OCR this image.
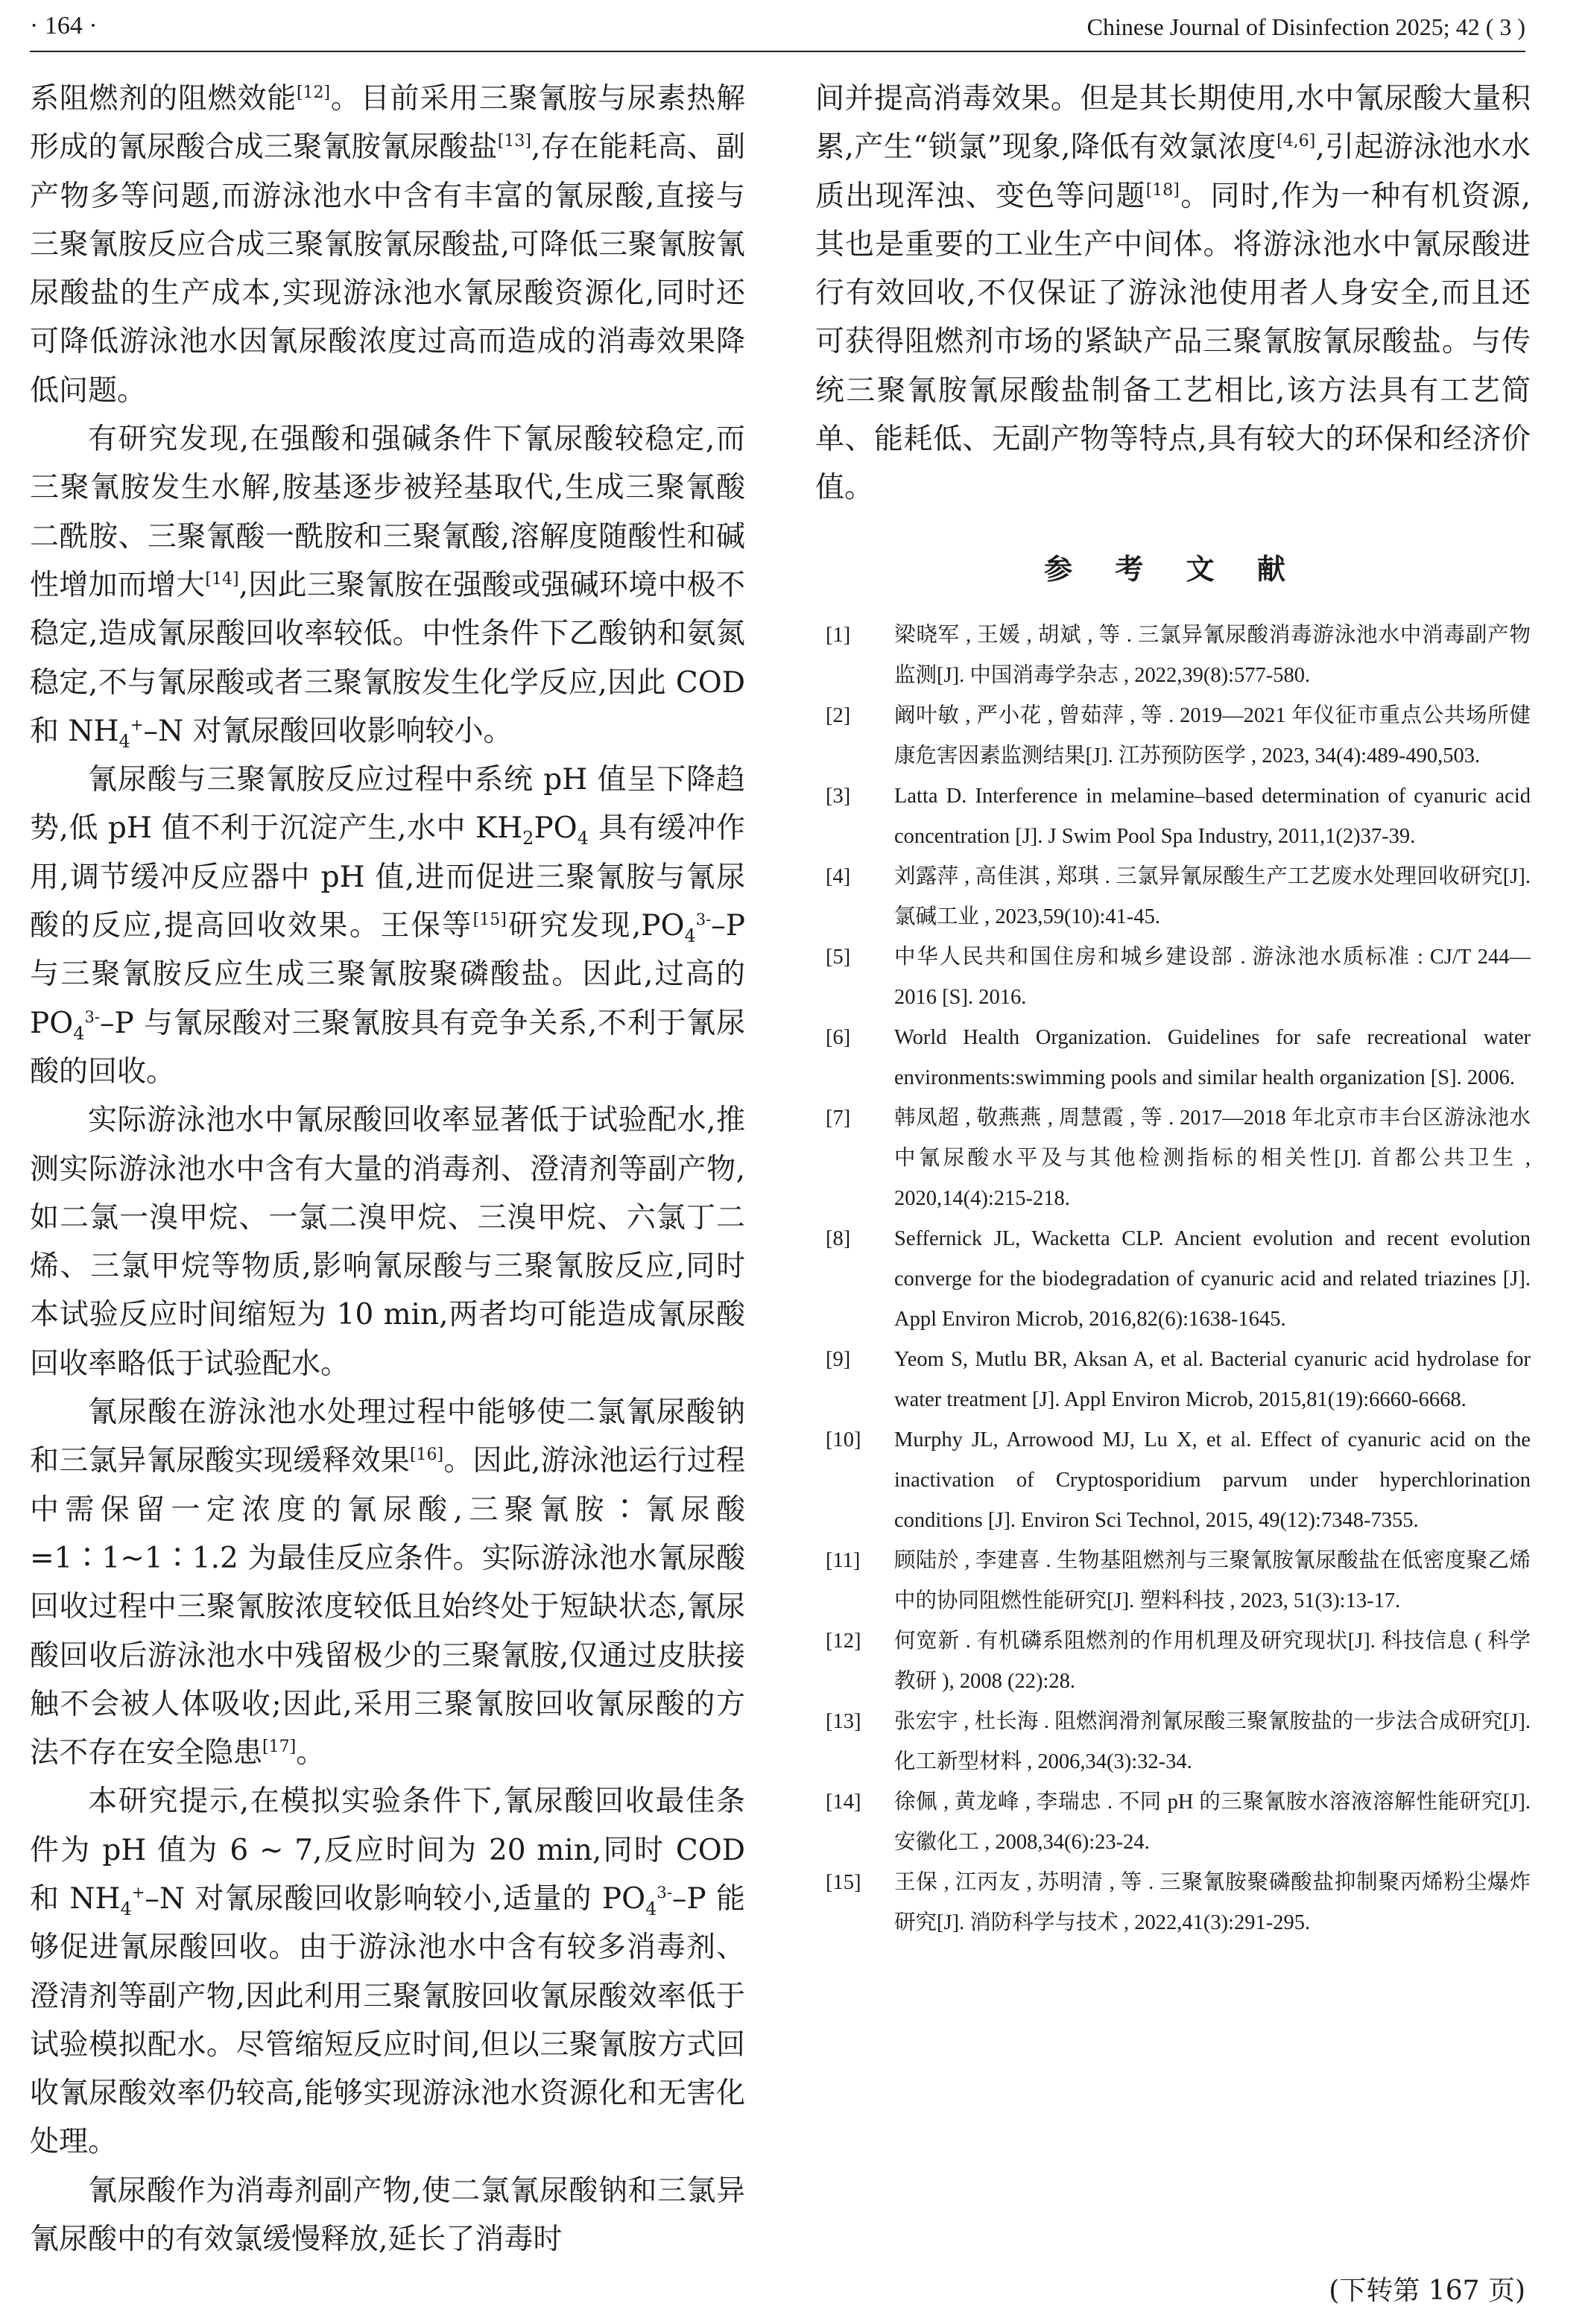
· 164 ·	Chinese Journal of Disinfection 2025; 42 ( 3 )

系阻燃剂的阻燃效能[12]。目前采用三聚氰胺与尿素热解形成的氰尿酸合成三聚氰胺氰尿酸盐[13],存在能耗高、副产物多等问题,而游泳池水中含有丰富的氰尿酸,直接与三聚氰胺反应合成三聚氰胺氰尿酸盐,可降低三聚氰胺氰尿酸盐的生产成本,实现游泳池水氰尿酸资源化,同时还可降低游泳池水因氰尿酸浓度过高而造成的消毒效果降低问题。

有研究发现,在强酸和强碱条件下氰尿酸较稳定,而三聚氰胺发生水解,胺基逐步被羟基取代,生成三聚氰酸二酰胺、三聚氰酸一酰胺和三聚氰酸,溶解度随酸性和碱性增加而增大[14],因此三聚氰胺在强酸或强碱环境中极不稳定,造成氰尿酸回收率较低。中性条件下乙酸钠和氨氮稳定,不与氰尿酸或者三聚氰胺发生化学反应,因此 COD 和 $NH_4^+-N$ 对氰尿酸回收影响较小。

氰尿酸与三聚氰胺反应过程中系统 pH 值呈下降趋势,低 pH 值不利于沉淀产生,水中 $KH_2PO_4$ 具有缓冲作用,调节缓冲反应器中 pH 值,进而促进三聚氰胺与氰尿酸的反应,提高回收效果。王保等[15]研究发现$,PO_4^{3-}-P$ 与三聚氰胺反应生成三聚氰胺聚磷酸盐。因此,过高的 $PO_4^{3-}-P$ 与氰尿酸对三聚氰胺具有竞争关系,不利于氰尿酸的回收。

实际游泳池水中氰尿酸回收率显著低于试验配水,推测实际游泳池水中含有大量的消毒剂、澄清剂等副产物,如二氯一溴甲烷、一氯二溴甲烷、三溴甲烷、六氯丁二烯、三氯甲烷等物质,影响氰尿酸与三聚氰胺反应,同时本试验反应时间缩短为 10 min,两者均可能造成氰尿酸回收率略低于试验配水。

氰尿酸在游泳池水处理过程中能够使二氯氰尿酸钠和三氯异氰尿酸实现缓释效果[16]。因此,游泳池运行过程中需保留一定浓度的氰尿酸,三聚氰胺∶氰尿酸 =1∶1~1∶1.2 为最佳反应条件。实际游泳池水氰尿酸回收过程中三聚氰胺浓度较低且始终处于短缺状态,氰尿酸回收后游泳池水中残留极少的三聚氰胺,仅通过皮肤接触不会被人体吸收;因此,采用三聚氰胺回收氰尿酸的方法不存在安全隐患[17]。

本研究提示,在模拟实验条件下,氰尿酸回收最佳条件为 pH 值为 6 ~ 7,反应时间为 20 min,同时 COD 和 $NH_4^+-N$ 对氰尿酸回收影响较小,适量的 $PO_4^{3-}-P$ 能够促进氰尿酸回收。由于游泳池水中含有较多消毒剂、澄清剂等副产物,因此利用三聚氰胺回收氰尿酸效率低于试验模拟配水。尽管缩短反应时间,但以三聚氰胺方式回收氰尿酸效率仍较高,能够实现游泳池水资源化和无害化处理。

氰尿酸作为消毒剂副产物,使二氯氰尿酸钠和三氯异氰尿酸中的有效氯缓慢释放,延长了消毒时

间并提高消毒效果。但是其长期使用,水中氰尿酸大量积累,产生“锁氯”现象,降低有效氯浓度[4,6],引起游泳池水水质出现浑浊、变色等问题[18]。同时,作为一种有机资源,其也是重要的工业生产中间体。将游泳池水中氰尿酸进行有效回收,不仅保证了游泳池使用者人身安全,而且还可获得阻燃剂市场的紧缺产品三聚氰胺氰尿酸盐。与传统三聚氰胺氰尿酸盐制备工艺相比,该方法具有工艺简单、能耗低、无副产物等特点,具有较大的环保和经济价值。

参 考 文 献
[1]	梁晓军 , 王媛 , 胡斌 , 等 . 三氯异氰尿酸消毒游泳池水中消毒副产物监测[J]. 中国消毒学杂志 , 2022,39(8):577-580.
[2]	阚叶敏 , 严小花 , 曾茹萍 , 等 . 2019—2021 年仪征市重点公共场所健康危害因素监测结果[J]. 江苏预防医学 , 2023, 34(4):489-490,503.
[3]	Latta D. Interference in melamine–based determination of cyanuric acid concentration [J]. J Swim Pool Spa Industry, 2011,1(2)37-39.
[4]	刘露萍 , 高佳淇 , 郑琪 . 三氯异氰尿酸生产工艺废水处理回收研究[J]. 氯碱工业 , 2023,59(10):41-45.
[5]	中华人民共和国住房和城乡建设部 . 游泳池水质标准 : CJ/T 244—2016 [S]. 2016.
[6]	World Health Organization. Guidelines for safe recreational water environments:swimming pools and similar health organization [S]. 2006.
[7]	韩凤超 , 敬燕燕 , 周慧霞 , 等 . 2017—2018 年北京市丰台区游泳池水中氰尿酸水平及与其他检测指标的相关性[J]. 首都公共卫生 , 2020,14(4):215-218.
[8]	Seffernick JL, Wacketta CLP. Ancient evolution and recent evolution converge for the biodegradation of cyanuric acid and related triazines [J]. Appl Environ Microb, 2016,82(6):1638-1645.
[9]	Yeom S, Mutlu BR, Aksan A, et al. Bacterial cyanuric acid hydrolase for water treatment [J]. Appl Environ Microb, 2015,81(19):6660-6668.
[10]	Murphy JL, Arrowood MJ, Lu X, et al. Effect of cyanuric acid on the inactivation of Cryptosporidium parvum under hyperchlorination conditions [J]. Environ Sci Technol, 2015, 49(12):7348-7355.
[11]	顾陆於 , 李建喜 . 生物基阻燃剂与三聚氰胺氰尿酸盐在低密度聚乙烯中的协同阻燃性能研究[J]. 塑料科技 , 2023, 51(3):13-17.
[12]	何宽新 . 有机磷系阻燃剂的作用机理及研究现状[J]. 科技信息 ( 科学教研 ), 2008 (22):28.
[13]	张宏宇 , 杜长海 . 阻燃润滑剂氰尿酸三聚氰胺盐的一步法合成研究[J]. 化工新型材料 , 2006,34(3):32-34.
[14]	徐佩 , 黄龙峰 , 李瑞忠 . 不同 pH 的三聚氰胺水溶液溶解性能研究[J]. 安徽化工 , 2008,34(6):23-24.
[15]	王保 , 江丙友 , 苏明清 , 等 . 三聚氰胺聚磷酸盐抑制聚丙烯粉尘爆炸研究[J]. 消防科学与技术 , 2022,41(3):291-295.
(下转第 167 页)
